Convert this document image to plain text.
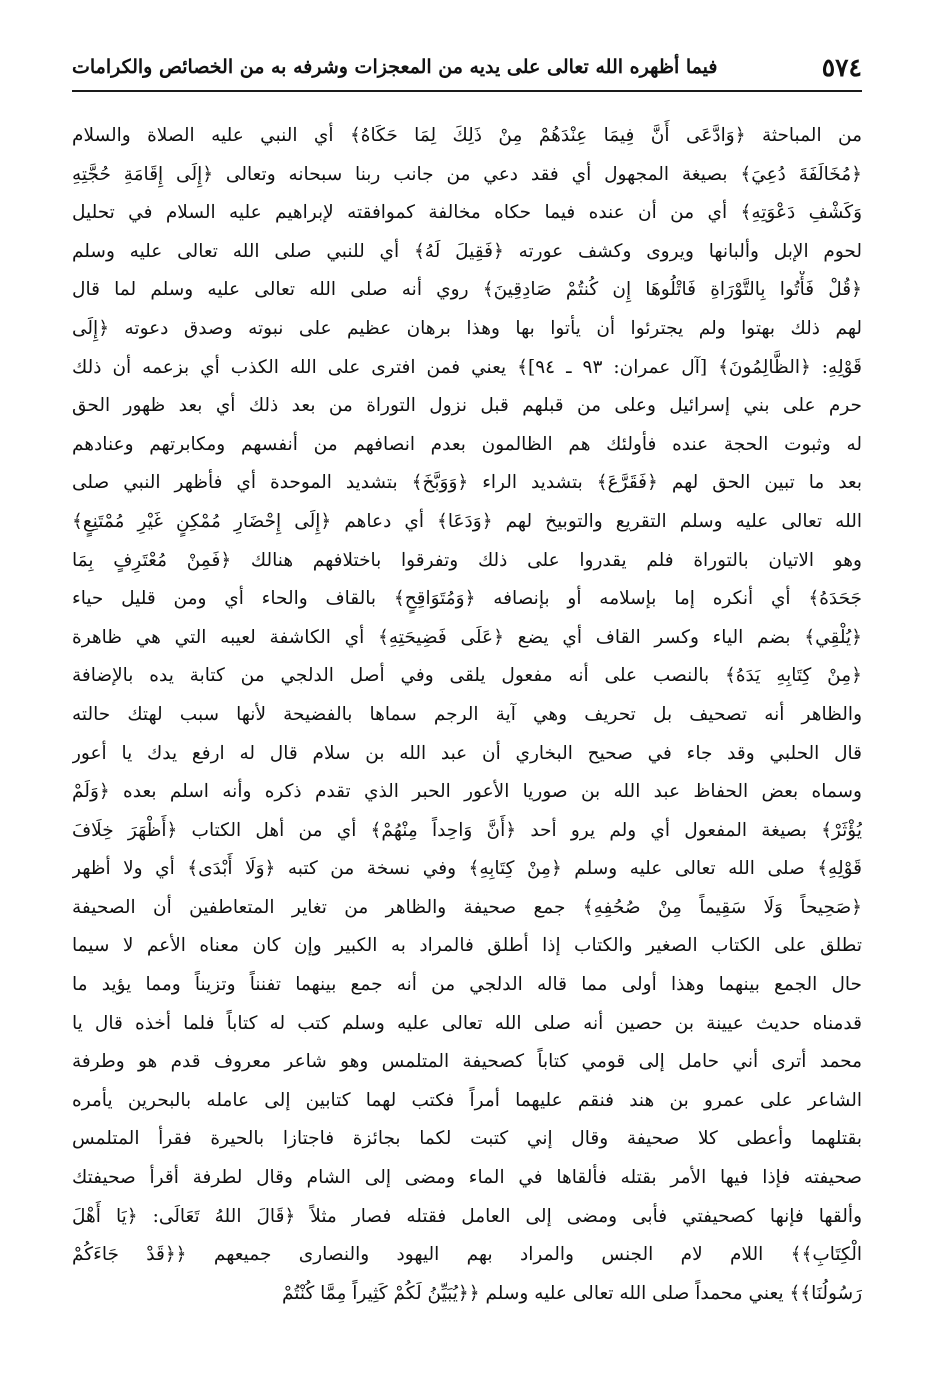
٥٧٤
فيما أظهره الله تعالى على يديه من المعجزات وشرفه به من الخصائص والكرامات
من المباحثة ﴿وَادَّعَى أَنَّ فِيمَا عِنْدَهُمْ مِنْ ذَلِكَ لِمَا حَكَاهُ﴾ أي النبي عليه الصلاة والسلام
﴿مُخَالَفَةَ دُعِيَ﴾ بصيغة المجهول أي فقد دعي من جانب ربنا سبحانه وتعالى ﴿إِلَى إِقَامَةِ حُجَّتِهِ
وَكَشْفِ دَعْوَتِهِ﴾ أي من أن عنده فيما حكاه مخالفة كموافقته لإبراهيم عليه السلام في تحليل
لحوم الإبل وألبانها ويروى وكشف عورته ﴿فَقِيلَ لَهُ﴾ أي للنبي صلى الله تعالى عليه وسلم
﴿قُلْ فَأْتُوا بِالتَّوْرَاةِ فَاتْلُوهَا إِن كُنتُمْ صَادِقِينَ﴾ روي أنه صلى الله تعالى عليه وسلم لما قال
لهم ذلك بهتوا ولم يجترئوا أن يأتوا بها وهذا برهان عظيم على نبوته وصدق دعوته ﴿إِلَى
قَوْلِهِ: ﴿الظَّالِمُونَ﴾ [آل عمران: ٩٣ ـ ٩٤]﴾ يعني فمن افترى على الله الكذب أي بزعمه أن ذلك
حرم على بني إسرائيل وعلى من قبلهم قبل نزول التوراة من بعد ذلك أي بعد ظهور الحق
له وثبوت الحجة عنده فأولئك هم الظالمون بعدم انصافهم من أنفسهم ومكابرتهم وعنادهم
بعد ما تبين الحق لهم ﴿فَقَرَّعَ﴾ بتشديد الراء ﴿وَوَبَّخَ﴾ بتشديد الموحدة أي فأظهر النبي صلى
الله تعالى عليه وسلم التقريع والتوبيخ لهم ﴿وَدَعَا﴾ أي دعاهم ﴿إِلَى إِحْضَارِ مُمْكِنٍ غَيْرِ مُمْتَنِعٍ﴾
وهو الاتيان بالتوراة فلم يقدروا على ذلك وتفرقوا باختلافهم هنالك ﴿فَمِنْ مُعْتَرِفٍ بِمَا
جَحَدَهُ﴾ أي أنكره إما بإسلامه أو بإنصافه ﴿وَمُتَوَاقِحٍ﴾ بالقاف والحاء أي ومن قليل حياء
﴿يُلْقِي﴾ بضم الياء وكسر القاف أي يضع ﴿عَلَى فَضِيحَتِهِ﴾ أي الكاشفة لعيبه التي هي ظاهرة
﴿مِنْ كِتَابِهِ يَدَهُ﴾ بالنصب على أنه مفعول يلقى وفي أصل الدلجي من كتابة يده بالإضافة
والظاهر أنه تصحيف بل تحريف وهي آية الرجم سماها بالفضيحة لأنها سبب لهتك حالته
قال الحلبي وقد جاء في صحيح البخاري أن عبد الله بن سلام قال له ارفع يدك يا أعور
وسماه بعض الحفاظ عبد الله بن صوريا الأعور الحبر الذي تقدم ذكره وأنه اسلم بعده ﴿وَلَمْ
يُؤْثَرْ﴾ بصيغة المفعول أي ولم يرو أحد ﴿أَنَّ وَاحِداً مِنْهُمْ﴾ أي من أهل الكتاب ﴿أَظْهَرَ خِلَافَ
قَوْلِهِ﴾ صلى الله تعالى عليه وسلم ﴿مِنْ كِتَابِهِ﴾ وفي نسخة من كتبه ﴿وَلَا أَبْدَى﴾ أي ولا أظهر
﴿صَحِيحاً وَلَا سَقِيماً مِنْ صُحُفِهِ﴾ جمع صحيفة والظاهر من تغاير المتعاطفين أن الصحيفة
تطلق على الكتاب الصغير والكتاب إذا أطلق فالمراد به الكبير وإن كان معناه الأعم لا سيما
حال الجمع بينهما وهذا أولى مما قاله الدلجي من أنه جمع بينهما تفنناً وتزيناً ومما يؤيد ما
قدمناه حديث عيينة بن حصين أنه صلى الله تعالى عليه وسلم كتب له كتاباً فلما أخذه قال يا
محمد أترى أني حامل إلى قومي كتاباً كصحيفة المتلمس وهو شاعر معروف قدم هو وطرفة
الشاعر على عمرو بن هند فنقم عليهما أمراً فكتب لهما كتابين إلى عامله بالبحرين يأمره
بقتلهما وأعطى كلا صحيفة وقال إني كتبت لكما بجائزة فاجتازا بالحيرة فقرأ المتلمس
صحيفته فإذا فيها الأمر بقتله فألقاها في الماء ومضى إلى الشام وقال لطرفة أقرأ صحيفتك
وألقها فإنها كصحيفتي فأبى ومضى إلى العامل فقتله فصار مثلاً ﴿قَالَ اللهُ تَعَالَى: ﴿يَا أَهْلَ
الْكِتَابِ﴾﴾ اللام لام الجنس والمراد بهم اليهود والنصارى جميعهم ﴿﴿قَدْ جَاءَكُمْ
رَسُولُنَا﴾﴾ يعني محمداً صلى الله تعالى عليه وسلم ﴿﴿يُبَيِّنُ لَكُمْ كَثِيراً مِمَّا كُنْتُمْ
